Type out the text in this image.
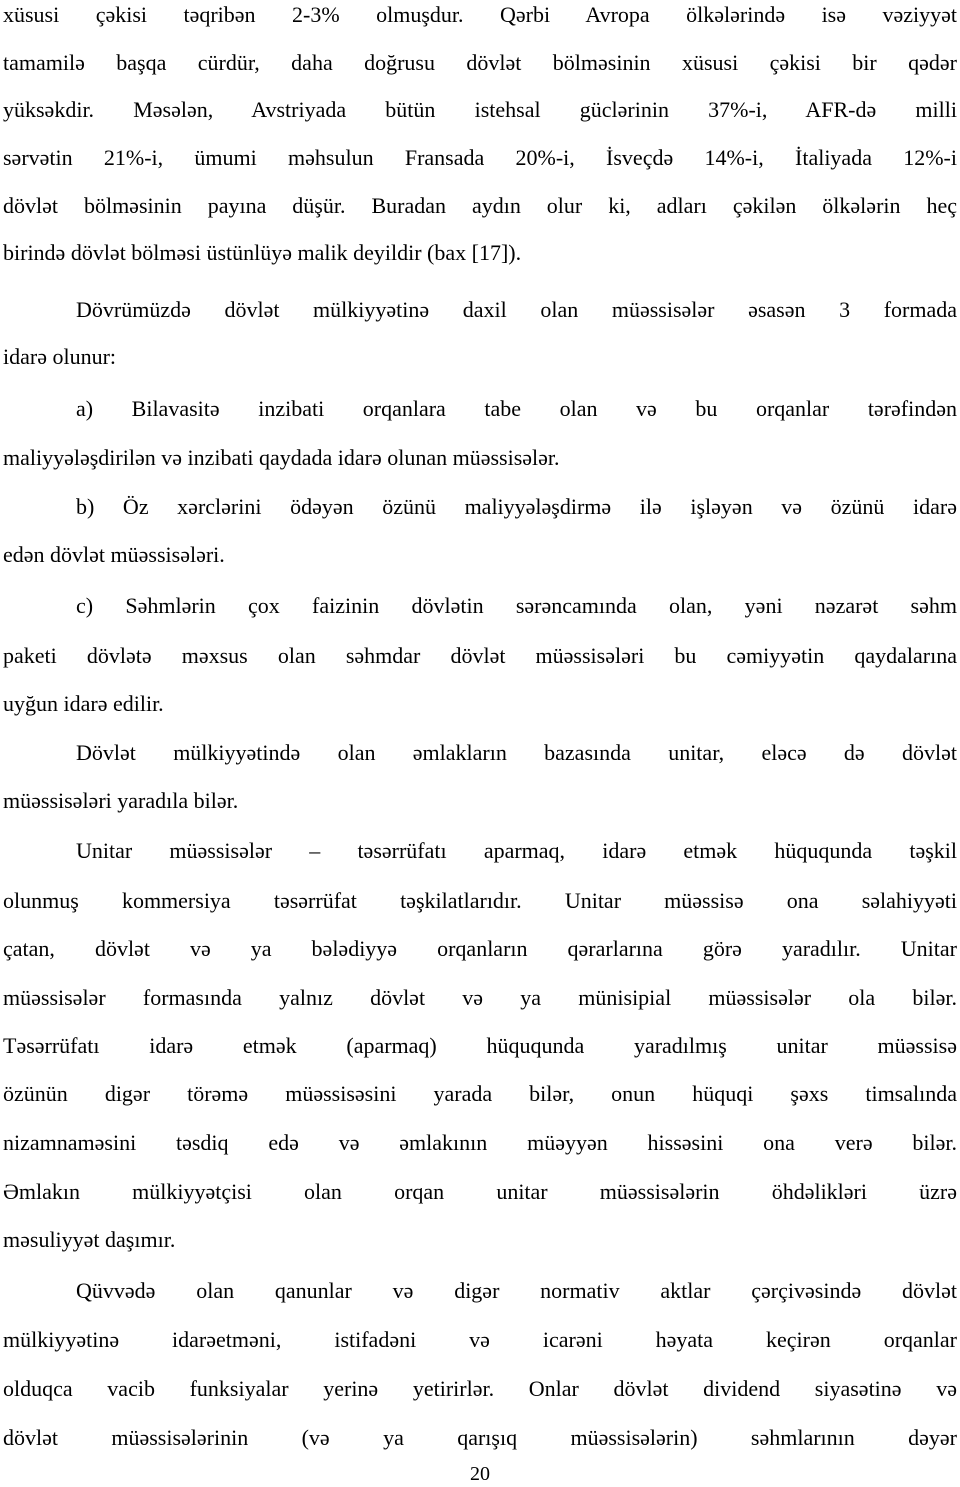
xüsusi çəkisi təqribən 2-3% olmuşdur. Qərbi Avropa ölkələrində isə vəziyyət
tamamilə başqa cürdür, daha doğrusu dövlət bölməsinin xüsusi çəkisi bir qədər
yüksəkdir. Məsələn, Avstriyada bütün istehsal güclərinin 37%-i, AFR-də milli
sərvətin 21%-i, ümumi məhsulun Fransada 20%-i, İsveçdə 14%-i, İtaliyada 12%-i
dövlət bölməsinin payına düşür. Buradan aydın olur ki, adları çəkilən ölkələrin heç
birində dövlət bölməsi üstünlüyə malik deyildir (bax [17]).
Dövrümüzdə dövlət mülkiyyətinə daxil olan müəssisələr əsasən 3 formada
idarə olunur:
a) Bilavasitə inzibati orqanlara tabe olan və bu orqanlar tərəfindən
maliyyələşdirilən və inzibati qaydada idarə olunan müəssisələr.
b) Öz xərclərini ödəyən özünü maliyyələşdirmə ilə işləyən və özünü idarə
edən dövlət müəssisələri.
c) Səhmlərin çox faizinin dövlətin sərəncamında olan, yəni nəzarət səhm
paketi dövlətə məxsus olan səhmdar dövlət müəssisələri bu cəmiyyətin qaydalarına
uyğun idarə edilir.
Dövlət mülkiyyətində olan əmlakların bazasında unitar, eləcə də dövlət
müəssisələri yaradıla bilər.
Unitar müəssisələr – təsərrüfatı aparmaq, idarə etmək hüququnda təşkil
olunmuş kommersiya təsərrüfat təşkilatlarıdır. Unitar müəssisə ona səlahiyyəti
çatan, dövlət və ya bələdiyyə orqanların qərarlarına görə yaradılır. Unitar
müəssisələr formasında yalnız dövlət və ya münisipial müəssisələr ola bilər.
Təsərrüfatı idarə etmək (aparmaq) hüququnda yaradılmış unitar müəssisə
özünün digər törəmə müəssisəsini yarada bilər, onun hüquqi şəxs timsalında
nizamnaməsini təsdiq edə və əmlakının müəyyən hissəsini ona verə bilər.
Əmlakın mülkiyyətçisi olan orqan unitar müəssisələrin öhdəlikləri üzrə
məsuliyyət daşımır.
Qüvvədə olan qanunlar və digər normativ aktlar çərçivəsində dövlət
mülkiyyətinə idarəetməni, istifadəni və icarəni həyata keçirən orqanlar
olduqca vacib funksiyalar yerinə yetirirlər. Onlar dövlət dividend siyasətinə və
dövlət müəssisələrinin (və ya qarışıq müəssisələrin) səhmlarının dəyər
20
